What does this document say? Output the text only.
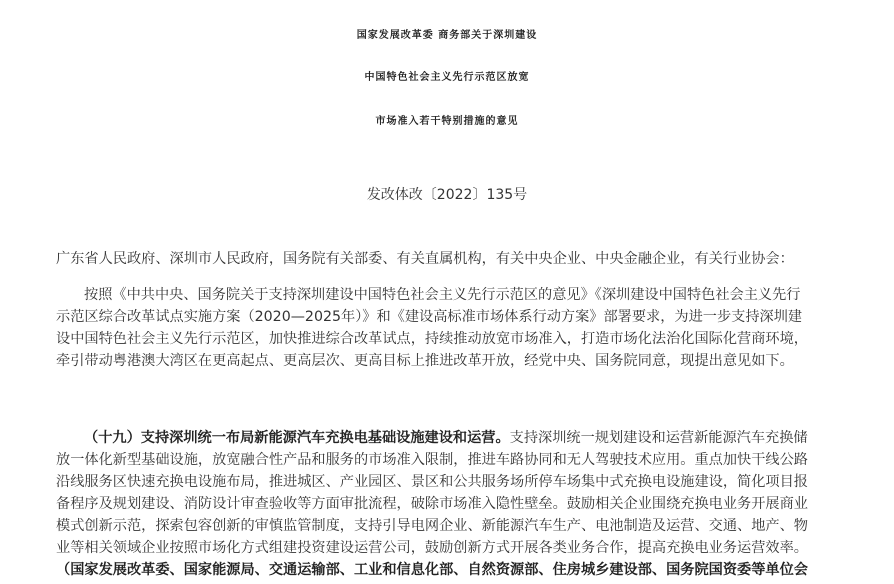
国家发展改革委 商务部关于深圳建设
中国特色社会主义先行示范区放宽
市场准入若干特别措施的意见
发改体改〔2022〕135号
广东省人民政府、深圳市人民政府，国务院有关部委、有关直属机构，有关中央企业、中央金融企业，有关行业协会：
按照《中共中央、国务院关于支持深圳建设中国特色社会主义先行示范区的意见》《深圳建设中国特色社会主义先行
示范区综合改革试点实施方案（2020—2025年）》和《建设高标准市场体系行动方案》部署要求，为进一步支持深圳建
设中国特色社会主义先行示范区，加快推进综合改革试点，持续推动放宽市场准入，打造市场化法治化国际化营商环境，
牵引带动粤港澳大湾区在更高起点、更高层次、更高目标上推进改革开放，经党中央、国务院同意，现提出意见如下。
（十九）支持深圳统一布局新能源汽车充换电基础设施建设和运营。支持深圳统一规划建设和运营新能源汽车充换储
放一体化新型基础设施，放宽融合性产品和服务的市场准入限制，推进车路协同和无人驾驶技术应用。重点加快干线公路
沿线服务区快速充换电设施布局，推进城区、产业园区、景区和公共服务场所停车场集中式充换电设施建设，简化项目报
备程序及规划建设、消防设计审查验收等方面审批流程，破除市场准入隐性壁垒。鼓励相关企业围绕充换电业务开展商业
模式创新示范，探索包容创新的审慎监管制度，支持引导电网企业、新能源汽车生产、电池制造及运营、交通、地产、物
业等相关领域企业按照市场化方式组建投资建设运营公司，鼓励创新方式开展各类业务合作，提高充换电业务运营效率。
（国家发展改革委、国家能源局、交通运输部、工业和信息化部、自然资源部、住房城乡建设部、国务院国资委等单位会
